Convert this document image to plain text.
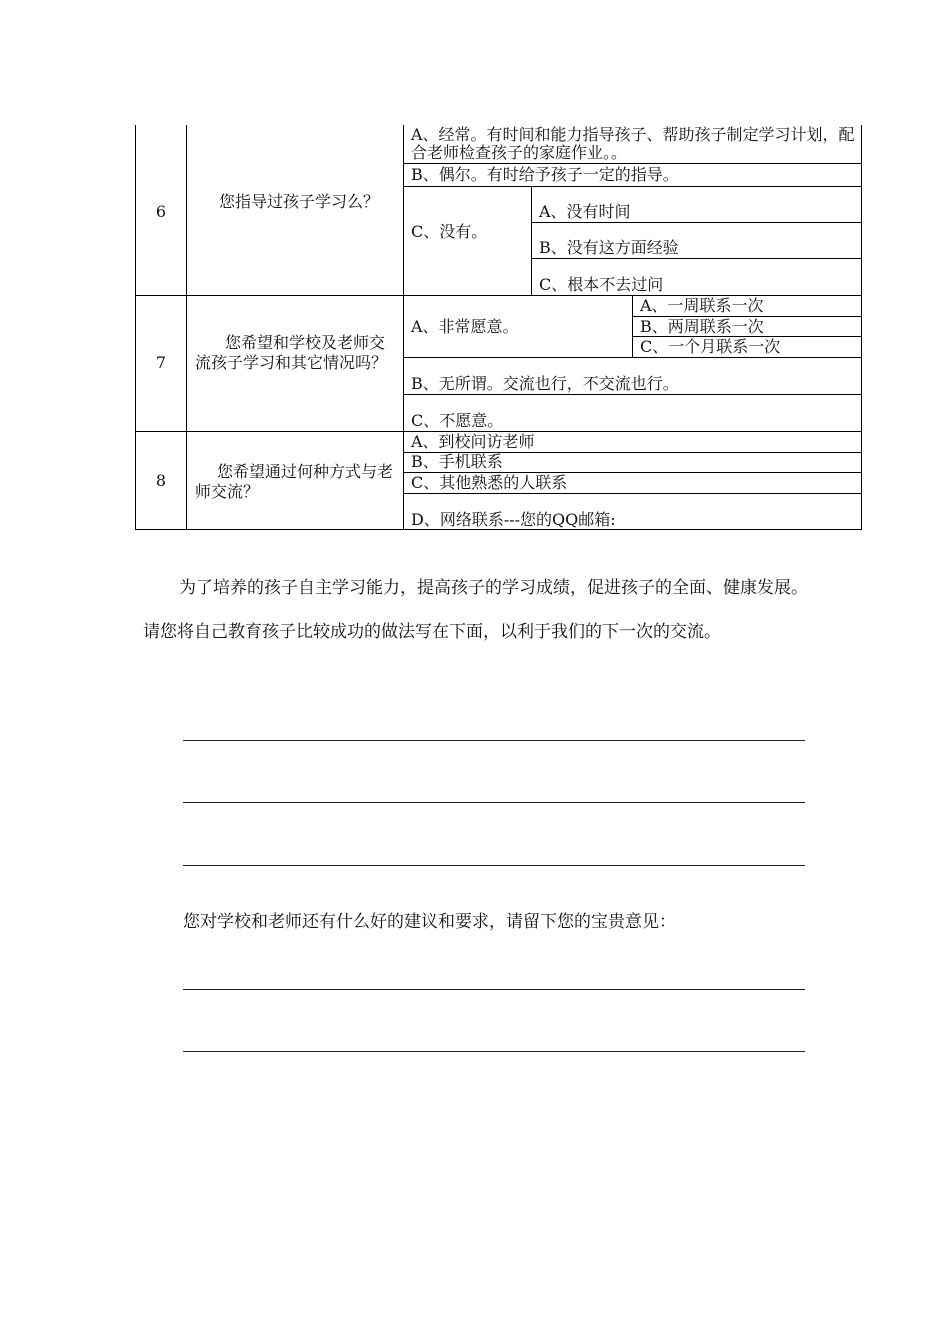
6
您指导过孩子学习么？
A、经常。有时间和能力指导孩子、帮助孩子制定学习计划，配合老师检查孩子的家庭作业。。
B、偶尔。有时给予孩子一定的指导。
C、没有。
A、没有时间
B、没有这方面经验
C、根本不去过问
7
您希望和学校及老师交流孩子学习和其它情况吗？
A、非常愿意。
A、一周联系一次
B、两周联系一次
C、一个月联系一次
B、无所谓。交流也行，不交流也行。
C、不愿意。
8	您希望通过何种方式与老师交流？
A、到校问访老师
B、手机联系
C、其他熟悉的人联系
D、网络联系---您的QQ邮箱:
为了培养的孩子自主学习能力，提高孩子的学习成绩，促进孩子的全面、健康发展。请您将自己教育孩子比较成功的做法写在下面，以利于我们的下一次的交流。
您对学校和老师还有什么好的建议和要求，请留下您的宝贵意见：
